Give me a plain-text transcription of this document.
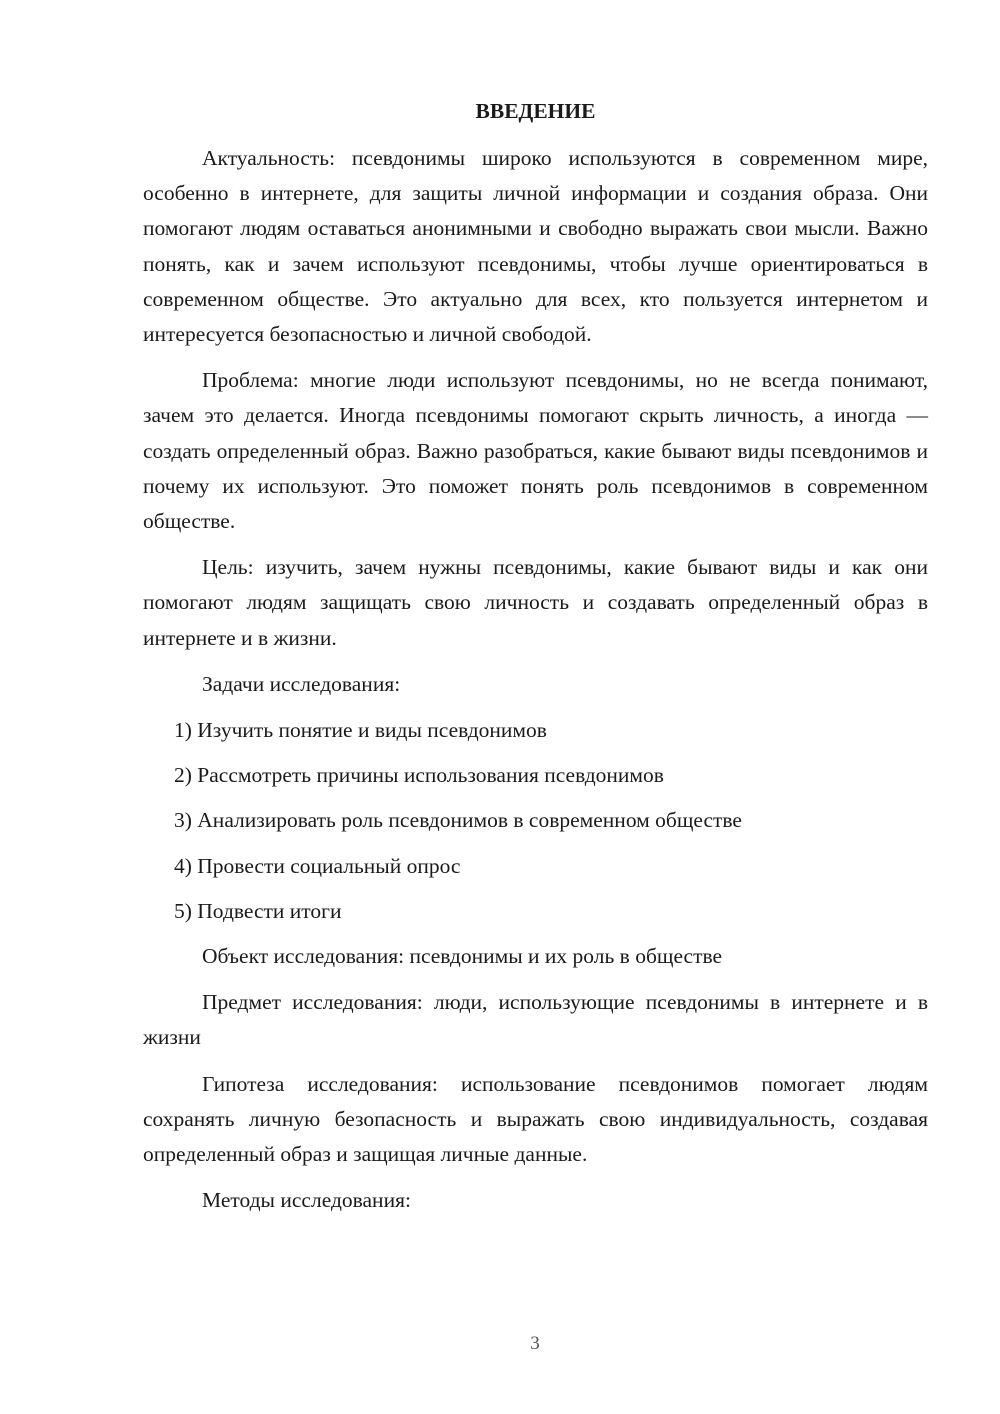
ВВЕДЕНИЕ

Актуальность: псевдонимы широко используются в современном мире, особенно в интернете, для защиты личной информации и создания образа. Они помогают людям оставаться анонимными и свободно выражать свои мысли. Важно понять, как и зачем используют псевдонимы, чтобы лучше ориентироваться в современном обществе. Это актуально для всех, кто пользуется интернетом и интересуется безопасностью и личной свободой.

Проблема: многие люди используют псевдонимы, но не всегда понимают, зачем это делается. Иногда псевдонимы помогают скрыть личность, а иногда — создать определенный образ. Важно разобраться, какие бывают виды псевдонимов и почему их используют. Это поможет понять роль псевдонимов в современном обществе.

Цель: изучить, зачем нужны псевдонимы, какие бывают виды и как они помогают людям защищать свою личность и создавать определенный образ в интернете и в жизни.

Задачи исследования:

1) Изучить понятие и виды псевдонимов
2) Рассмотреть причины использования псевдонимов
3) Анализировать роль псевдонимов в современном обществе
4) Провести социальный опрос
5) Подвести итоги

Объект исследования: псевдонимы и их роль в обществе

Предмет исследования: люди, использующие псевдонимы в интернете и в жизни

Гипотеза исследования: использование псевдонимов помогает людям сохранять личную безопасность и выражать свою индивидуальность, создавая определенный образ и защищая личные данные.

Методы исследования:

3
